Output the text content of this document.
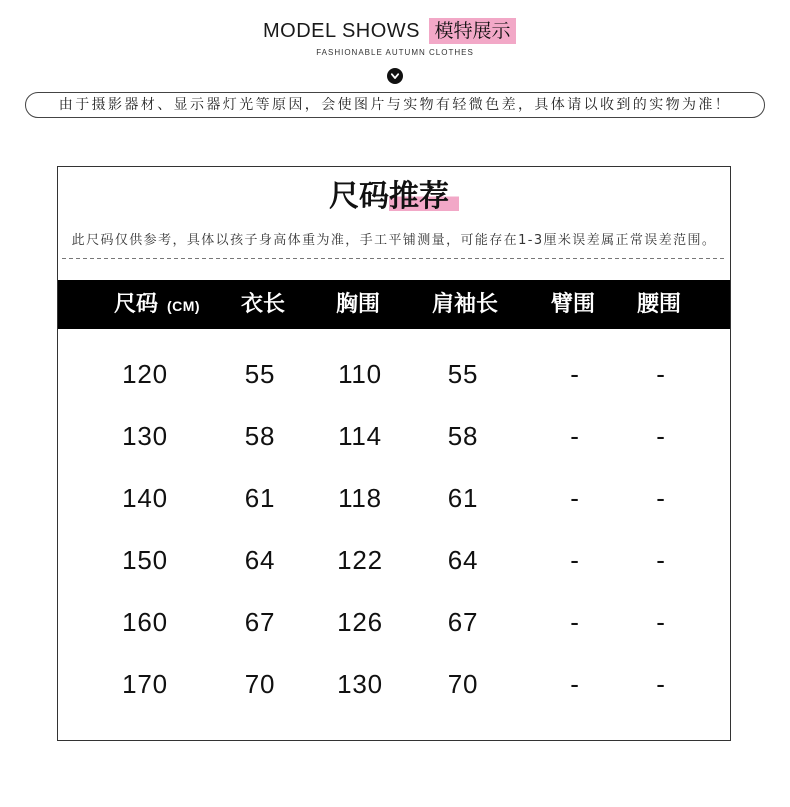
MODEL SHOWS 模特展示
FASHIONABLE AUTUMN CLOTHES
由于摄影器材、显示器灯光等原因，会使图片与实物有轻微色差，具体请以收到的实物为准！
尺码推荐
此尺码仅供参考，具体以孩子身高体重为准，手工平铺测量，可能存在1-3厘米误差属正常误差范围。
尺码 (CM)	衣长	胸围	肩袖长	臂围	腰围
120	55	110	55	-	-
130	58	114	58	-	-
140	61	118	61	-	-
150	64	122	64	-	-
160	67	126	67	-	-
170	70	130	70	-	-
